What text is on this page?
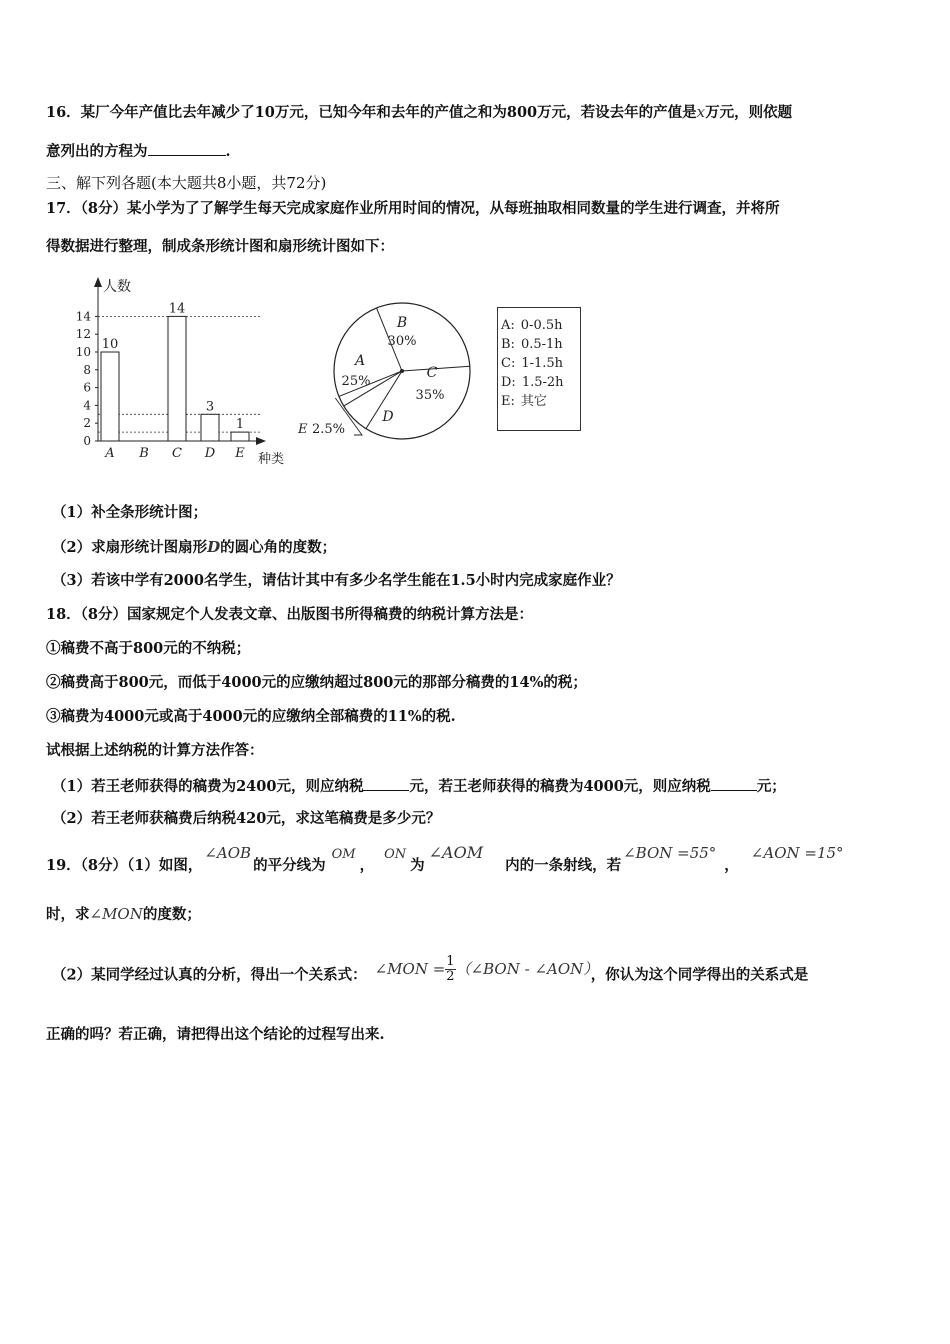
16．某厂今年产值比去年减少了10万元，已知今年和去年的产值之和为800万元，若设去年的产值是x万元，则依题
意列出的方程为	.
三、解下列各题(本大题共8小题，共72分)
17．（8分）某小学为了了解学生每天完成家庭作业所用时间的情况，从每班抽取相同数量的学生进行调查，并将所
得数据进行整理，制成条形统计图和扇形统计图如下：
人数
种类
0
2
4
6
8
10
12
14
10
A B
14
C
3
D
1
E
B
30%
C
35%
D
E 2.5%
A
25%
A: 0-0.5h
B: 0.5-1h
C: 1-1.5h
D: 1.5-2h
E: 其它
（1）补全条形统计图；
（2）求扇形统计图扇形D的圆心角的度数；
（3）若该中学有2000名学生，请估计其中有多少名学生能在1.5小时内完成家庭作业？
18．（8分）国家规定个人发表文章、出版图书所得稿费的纳税计算方法是：
①稿费不高于800元的不纳税；
②稿费高于800元，而低于4000元的应缴纳超过800元的那部分稿费的14%的税；
③稿费为4000元或高于4000元的应缴纳全部稿费的11%的税.
试根据上述纳税的计算方法作答：
（1）若王老师获得的稿费为2400元，则应纳税	元，若王老师获得的稿费为4000元，则应纳税	元；
（2）若王老师获稿费后纳税420元，求这笔稿费是多少元？
19．（8分）（1）如图，∠AOB的平分线为OM，ON为∠AOM内的一条射线，若∠BON =55°，∠AON =15°
时，求∠MON的度数；
（2）某同学经过认真的分析，得出一个关系式： ∠MON = $\frac{1}{2}$ （∠BON - ∠AON），你认为这个同学得出的关系式是
正确的吗？若正确，请把得出这个结论的过程写出来.
